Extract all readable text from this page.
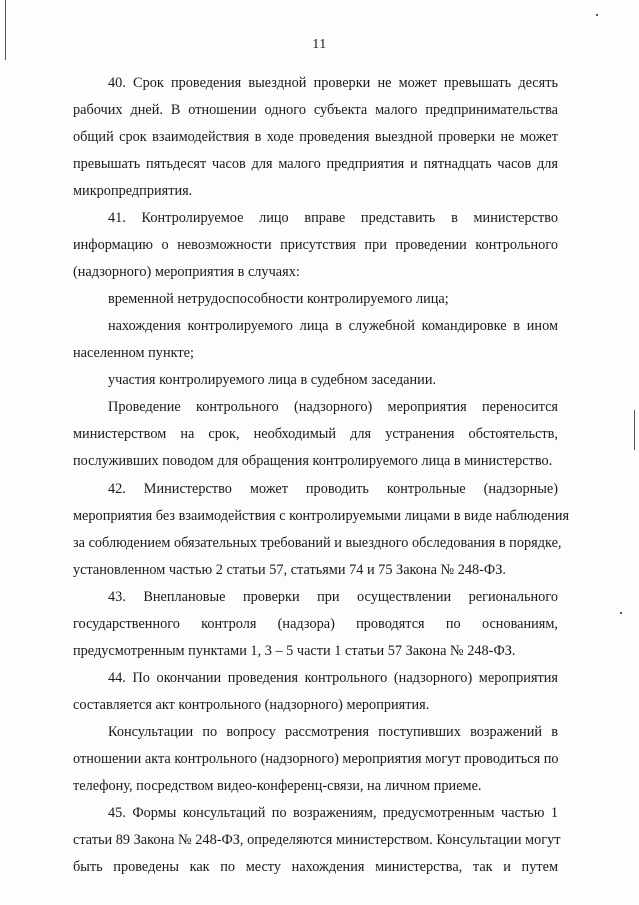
11
40. Срок проведения выездной проверки не может превышать десять
рабочих дней. В отношении одного субъекта малого предпринимательства
общий срок взаимодействия в ходе проведения выездной проверки не может
превышать пятьдесят часов для малого предприятия и пятнадцать часов для
микропредприятия.
41. Контролируемое лицо вправе представить в министерство
информацию о невозможности присутствия при проведении контрольного
(надзорного) мероприятия в случаях:
временной нетрудоспособности контролируемого лица;
нахождения контролируемого лица в служебной командировке в ином
населенном пункте;
участия контролируемого лица в судебном заседании.
Проведение контрольного (надзорного) мероприятия переносится
министерством на срок, необходимый для устранения обстоятельств,
послуживших поводом для обращения контролируемого лица в министерство.
42. Министерство может проводить контрольные (надзорные)
мероприятия без взаимодействия с контролируемыми лицами в виде наблюдения
за соблюдением обязательных требований и выездного обследования в порядке,
установленном частью 2 статьи 57, статьями 74 и 75 Закона № 248-ФЗ.
43. Внеплановые проверки при осуществлении регионального
государственного контроля (надзора) проводятся по основаниям,
предусмотренным пунктами 1, 3 – 5 части 1 статьи 57 Закона № 248-ФЗ.
44. По окончании проведения контрольного (надзорного) мероприятия
составляется акт контрольного (надзорного) мероприятия.
Консультации по вопросу рассмотрения поступивших возражений в
отношении акта контрольного (надзорного) мероприятия могут проводиться по
телефону, посредством видео-конференц-связи, на личном приеме.
45. Формы консультаций по возражениям, предусмотренным частью 1
статьи 89 Закона № 248-ФЗ, определяются министерством. Консультации могут
быть проведены как по месту нахождения министерства, так и путем
